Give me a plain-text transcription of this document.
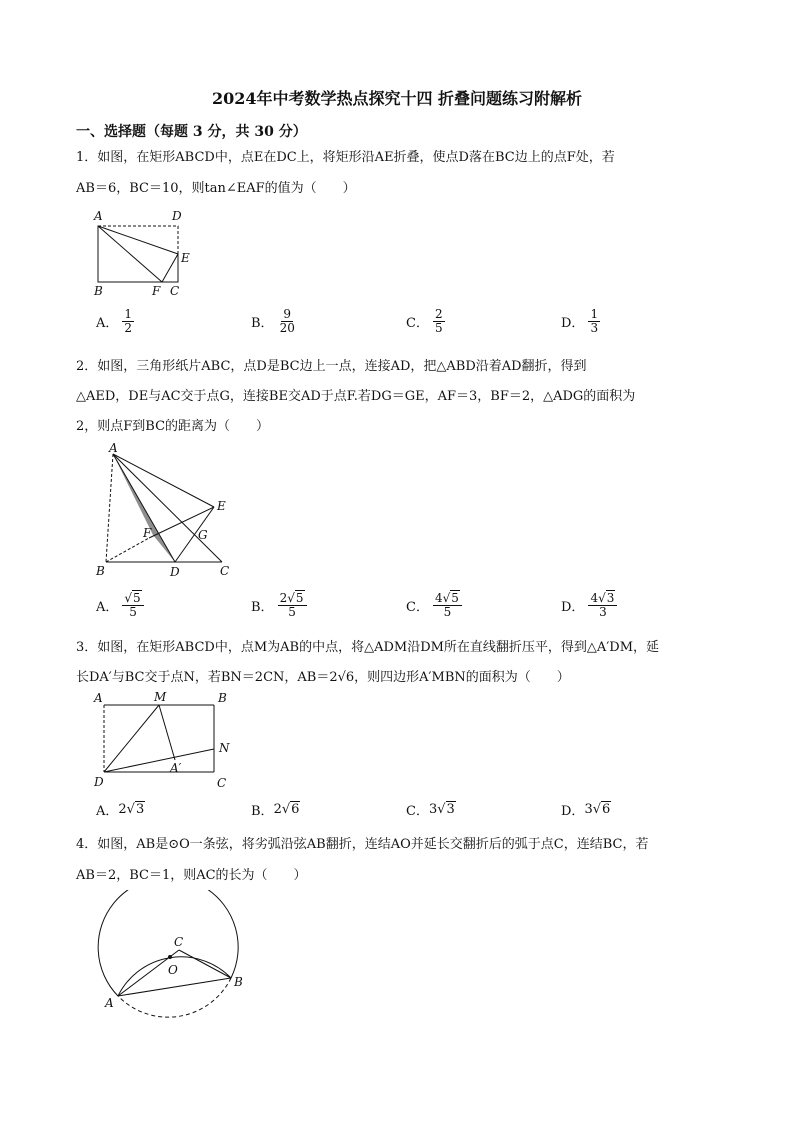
2024年中考数学热点探究十四 折叠问题练习附解析
一、选择题（每题 3 分，共 30 分）
1．如图，在矩形ABCD中，点E在DC上，将矩形沿AE折叠，使点D落在BC边上的点F处，若
AB＝6，BC＝10，则tan∠EAF的值为（　　）
A	D
E
B	F C
A． $\frac{1}{2}$	B． $\frac{9}{20}$	C． $\frac{2}{5}$	D． $\frac{1}{3}$
2．如图，三角形纸片ABC，点D是BC边上一点，连接AD，把△ABD沿着AD翻折，得到
△AED，DE与AC交于点G，连接BE交AD于点F.若DG＝GE，AF＝3，BF＝2，△ADG的面积为
2，则点F到BC的距离为（　　）
A
E
F	G
B	D	C
A． $\frac{√5}{5}$	B． $\frac{2√5}{5}$	C． $\frac{4√5}{5}$	D． $\frac{4√3}{3}$
3．如图，在矩形ABCD中，点M为AB的中点，将△ADM沿DM所在直线翻折压平，得到△A′DM，延
长DA′与BC交于点N，若BN＝2CN，AB＝2√6，则四边形A′MBN的面积为（　　）
A	M	B
N
A′
D	C
A． 2√3	B． 2√6	C． 3√3	D． 3√6
4．如图，AB是⊙O一条弦，将劣弧沿弦AB翻折，连结AO并延长交翻折后的弧于点C，连结BC，若
AB＝2，BC＝1，则AC的长为（　　）
C
O
A
B
